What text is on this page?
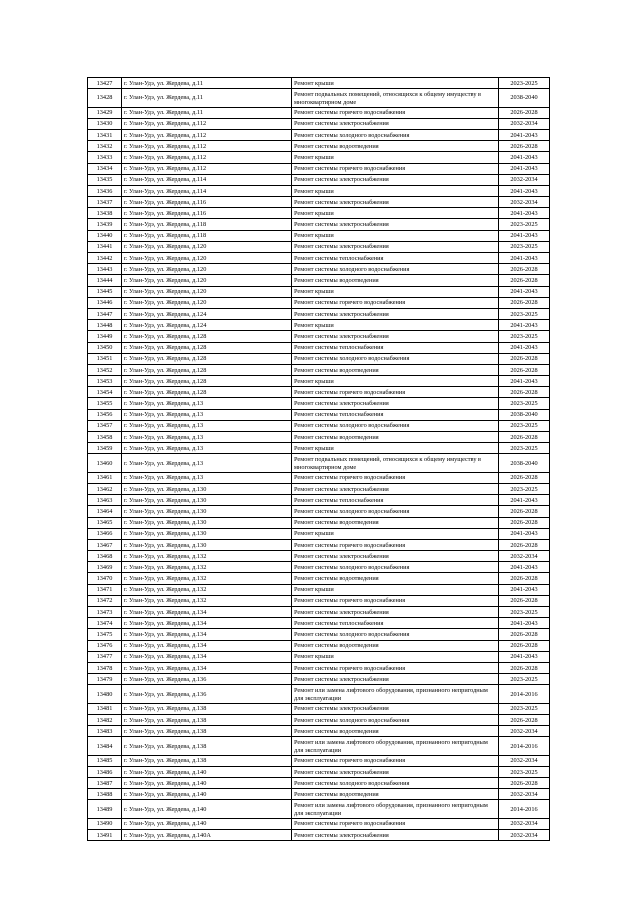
13427	г. Улан-Удэ, ул. Жердева, д.11	Ремонт крыши	2023-2025
13428	г. Улан-Удэ, ул. Жердева, д.11	Ремонт подвальных помещений, относящихся к общему имуществу в многоквартирном доме	2038-2040
13429	г. Улан-Удэ, ул. Жердева, д.11	Ремонт системы горячего водоснабжения	2026-2028
13430	г. Улан-Удэ, ул. Жердева, д.112	Ремонт системы электроснабжения	2032-2034
13431	г. Улан-Удэ, ул. Жердева, д.112	Ремонт системы холодного водоснабжения	2041-2043
13432	г. Улан-Удэ, ул. Жердева, д.112	Ремонт системы водоотведения	2026-2028
13433	г. Улан-Удэ, ул. Жердева, д.112	Ремонт крыши	2041-2043
13434	г. Улан-Удэ, ул. Жердева, д.112	Ремонт системы горячего водоснабжения	2041-2043
13435	г. Улан-Удэ, ул. Жердева, д.114	Ремонт системы электроснабжения	2032-2034
13436	г. Улан-Удэ, ул. Жердева, д.114	Ремонт крыши	2041-2043
13437	г. Улан-Удэ, ул. Жердева, д.116	Ремонт системы электроснабжения	2032-2034
13438	г. Улан-Удэ, ул. Жердева, д.116	Ремонт крыши	2041-2043
13439	г. Улан-Удэ, ул. Жердева, д.118	Ремонт системы электроснабжения	2023-2025
13440	г. Улан-Удэ, ул. Жердева, д.118	Ремонт крыши	2041-2043
13441	г. Улан-Удэ, ул. Жердева, д.120	Ремонт системы электроснабжения	2023-2025
13442	г. Улан-Удэ, ул. Жердева, д.120	Ремонт системы теплоснабжения	2041-2043
13443	г. Улан-Удэ, ул. Жердева, д.120	Ремонт системы холодного водоснабжения	2026-2028
13444	г. Улан-Удэ, ул. Жердева, д.120	Ремонт системы водоотведения	2026-2028
13445	г. Улан-Удэ, ул. Жердева, д.120	Ремонт крыши	2041-2043
13446	г. Улан-Удэ, ул. Жердева, д.120	Ремонт системы горячего водоснабжения	2026-2028
13447	г. Улан-Удэ, ул. Жердева, д.124	Ремонт системы электроснабжения	2023-2025
13448	г. Улан-Удэ, ул. Жердева, д.124	Ремонт крыши	2041-2043
13449	г. Улан-Удэ, ул. Жердева, д.128	Ремонт системы электроснабжения	2023-2025
13450	г. Улан-Удэ, ул. Жердева, д.128	Ремонт системы теплоснабжения	2041-2043
13451	г. Улан-Удэ, ул. Жердева, д.128	Ремонт системы холодного водоснабжения	2026-2028
13452	г. Улан-Удэ, ул. Жердева, д.128	Ремонт системы водоотведения	2026-2028
13453	г. Улан-Удэ, ул. Жердева, д.128	Ремонт крыши	2041-2043
13454	г. Улан-Удэ, ул. Жердева, д.128	Ремонт системы горячего водоснабжения	2026-2028
13455	г. Улан-Удэ, ул. Жердева, д.13	Ремонт системы электроснабжения	2023-2025
13456	г. Улан-Удэ, ул. Жердева, д.13	Ремонт системы теплоснабжения	2038-2040
13457	г. Улан-Удэ, ул. Жердева, д.13	Ремонт системы холодного водоснабжения	2023-2025
13458	г. Улан-Удэ, ул. Жердева, д.13	Ремонт системы водоотведения	2026-2028
13459	г. Улан-Удэ, ул. Жердева, д.13	Ремонт крыши	2023-2025
13460	г. Улан-Удэ, ул. Жердева, д.13	Ремонт подвальных помещений, относящихся к общему имуществу в многоквартирном доме	2038-2040
13461	г. Улан-Удэ, ул. Жердева, д.13	Ремонт системы горячего водоснабжения	2026-2028
13462	г. Улан-Удэ, ул. Жердева, д.130	Ремонт системы электроснабжения	2023-2025
13463	г. Улан-Удэ, ул. Жердева, д.130	Ремонт системы теплоснабжения	2041-2043
13464	г. Улан-Удэ, ул. Жердева, д.130	Ремонт системы холодного водоснабжения	2026-2028
13465	г. Улан-Удэ, ул. Жердева, д.130	Ремонт системы водоотведения	2026-2028
13466	г. Улан-Удэ, ул. Жердева, д.130	Ремонт крыши	2041-2043
13467	г. Улан-Удэ, ул. Жердева, д.130	Ремонт системы горячего водоснабжения	2026-2028
13468	г. Улан-Удэ, ул. Жердева, д.132	Ремонт системы электроснабжения	2032-2034
13469	г. Улан-Удэ, ул. Жердева, д.132	Ремонт системы холодного водоснабжения	2041-2043
13470	г. Улан-Удэ, ул. Жердева, д.132	Ремонт системы водоотведения	2026-2028
13471	г. Улан-Удэ, ул. Жердева, д.132	Ремонт крыши	2041-2043
13472	г. Улан-Удэ, ул. Жердева, д.132	Ремонт системы горячего водоснабжения	2026-2028
13473	г. Улан-Удэ, ул. Жердева, д.134	Ремонт системы электроснабжения	2023-2025
13474	г. Улан-Удэ, ул. Жердева, д.134	Ремонт системы теплоснабжения	2041-2043
13475	г. Улан-Удэ, ул. Жердева, д.134	Ремонт системы холодного водоснабжения	2026-2028
13476	г. Улан-Удэ, ул. Жердева, д.134	Ремонт системы водоотведения	2026-2028
13477	г. Улан-Удэ, ул. Жердева, д.134	Ремонт крыши	2041-2043
13478	г. Улан-Удэ, ул. Жердева, д.134	Ремонт системы горячего водоснабжения	2026-2028
13479	г. Улан-Удэ, ул. Жердева, д.136	Ремонт системы электроснабжения	2023-2025
13480	г. Улан-Удэ, ул. Жердева, д.136	Ремонт или замена лифтового оборудования, признанного непригодным для эксплуатации	2014-2016
13481	г. Улан-Удэ, ул. Жердева, д.138	Ремонт системы электроснабжения	2023-2025
13482	г. Улан-Удэ, ул. Жердева, д.138	Ремонт системы холодного водоснабжения	2026-2028
13483	г. Улан-Удэ, ул. Жердева, д.138	Ремонт системы водоотведения	2032-2034
13484	г. Улан-Удэ, ул. Жердева, д.138	Ремонт или замена лифтового оборудования, признанного непригодным для эксплуатации	2014-2016
13485	г. Улан-Удэ, ул. Жердева, д.138	Ремонт системы горячего водоснабжения	2032-2034
13486	г. Улан-Удэ, ул. Жердева, д.140	Ремонт системы электроснабжения	2023-2025
13487	г. Улан-Удэ, ул. Жердева, д.140	Ремонт системы холодного водоснабжения	2026-2028
13488	г. Улан-Удэ, ул. Жердева, д.140	Ремонт системы водоотведения	2032-2034
13489	г. Улан-Удэ, ул. Жердева, д.140	Ремонт или замена лифтового оборудования, признанного непригодным для эксплуатации	2014-2016
13490	г. Улан-Удэ, ул. Жердева, д.140	Ремонт системы горячего водоснабжения	2032-2034
13491	г. Улан-Удэ, ул. Жердева, д.140А	Ремонт системы электроснабжения	2032-2034
